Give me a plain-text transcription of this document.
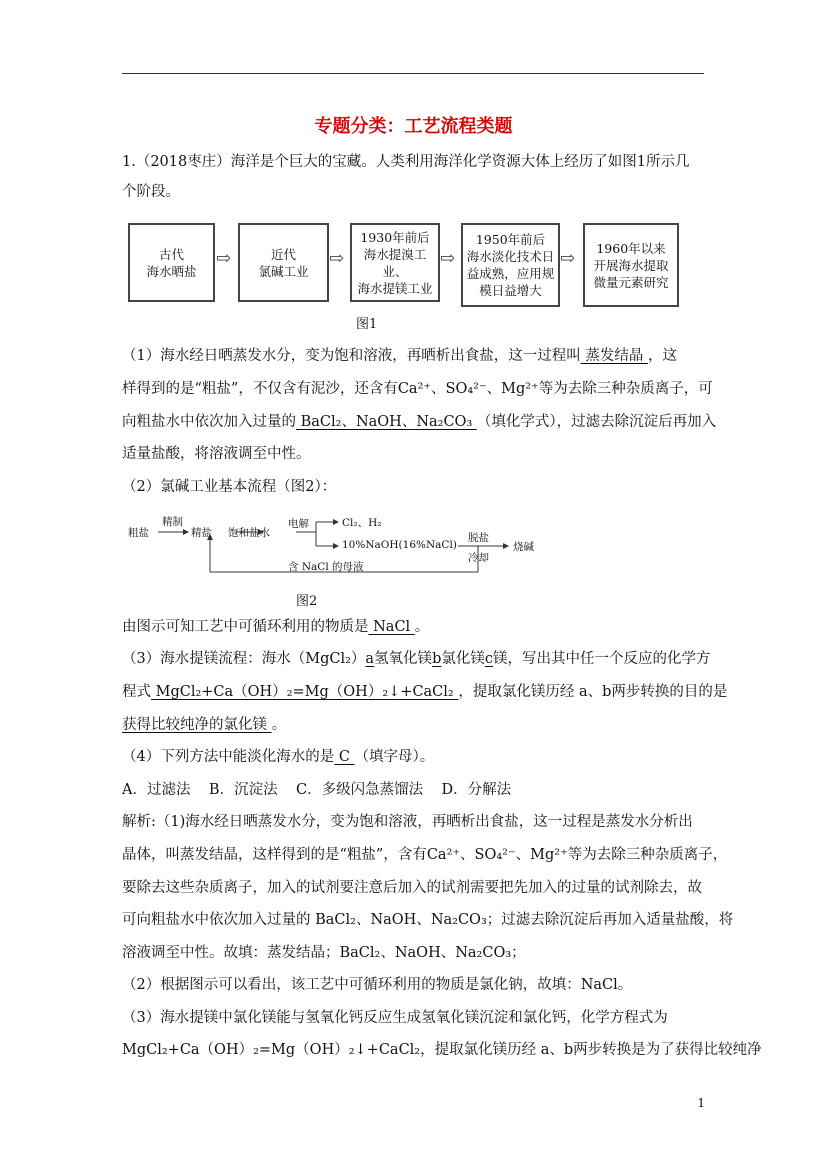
专题分类：工艺流程类题
1.（2018枣庄）海洋是个巨大的宝藏。人类利用海洋化学资源大体上经历了如图1所示几
个阶段。
古代
海水晒盐
⇨	近代
氯碱工业
⇨
1930年前后
海水提溴工业、
海水提镁工业
⇨
1950年前后
海水淡化技术日
益成熟，应用规
模日益增大
⇨ 1960年以来
开展海水提取
微量元素研究
图1
（1）海水经日晒蒸发水分，变为饱和溶液，再晒析出食盐，这一过程叫 蒸发结晶 ，这
样得到的是“粗盐”，不仅含有泥沙，还含有Ca²⁺、SO₄²⁻、Mg²⁺等为去除三种杂质离子，可
向粗盐水中依次加入过量的 BaCl₂、NaOH、Na₂CO₃ （填化学式），过滤去除沉淀后再加入
适量盐酸，将溶液调至中性。
（2）氯碱工业基本流程（图2）：
粗盐
精制
精盐 饱和盐水
电解	Cl₂、H₂
10%NaOH(16%NaCl)
脱盐
冷却
烧碱
含 NaCl 的母液
图2
由图示可知工艺中可循环利用的物质是 NaCl 。
（3）海水提镁流程：海水（MgCl₂）a氢氧化镁b氯化镁c镁，写出其中任一个反应的化学方
程式 MgCl₂+Ca（OH）₂=Mg（OH）₂↓+CaCl₂ ，提取氯化镁历经 a、b两步转换的目的是
获得比较纯净的氯化镁 。
（4）下列方法中能淡化海水的是 C （填字母）。
A．过滤法    B．沉淀法    C．多级闪急蒸馏法    D．分解法
解析:（1)海水经日晒蒸发水分，变为饱和溶液，再晒析出食盐，这一过程是蒸发水分析出
晶体，叫蒸发结晶，这样得到的是“粗盐”，含有Ca²⁺、SO₄²⁻、Mg²⁺等为去除三种杂质离子，
要除去这些杂质离子，加入的试剂要注意后加入的试剂需要把先加入的过量的试剂除去，故
可向粗盐水中依次加入过量的 BaCl₂、NaOH、Na₂CO₃；过滤去除沉淀后再加入适量盐酸，将
溶液调至中性。故填：蒸发结晶；BaCl₂、NaOH、Na₂CO₃；
（2）根据图示可以看出，该工艺中可循环利用的物质是氯化钠，故填：NaCl。
（3）海水提镁中氯化镁能与氢氧化钙反应生成氢氧化镁沉淀和氯化钙，化学方程式为
MgCl₂+Ca（OH）₂=Mg（OH）₂↓+CaCl₂，提取氯化镁历经 a、b两步转换是为了获得比较纯净
1
